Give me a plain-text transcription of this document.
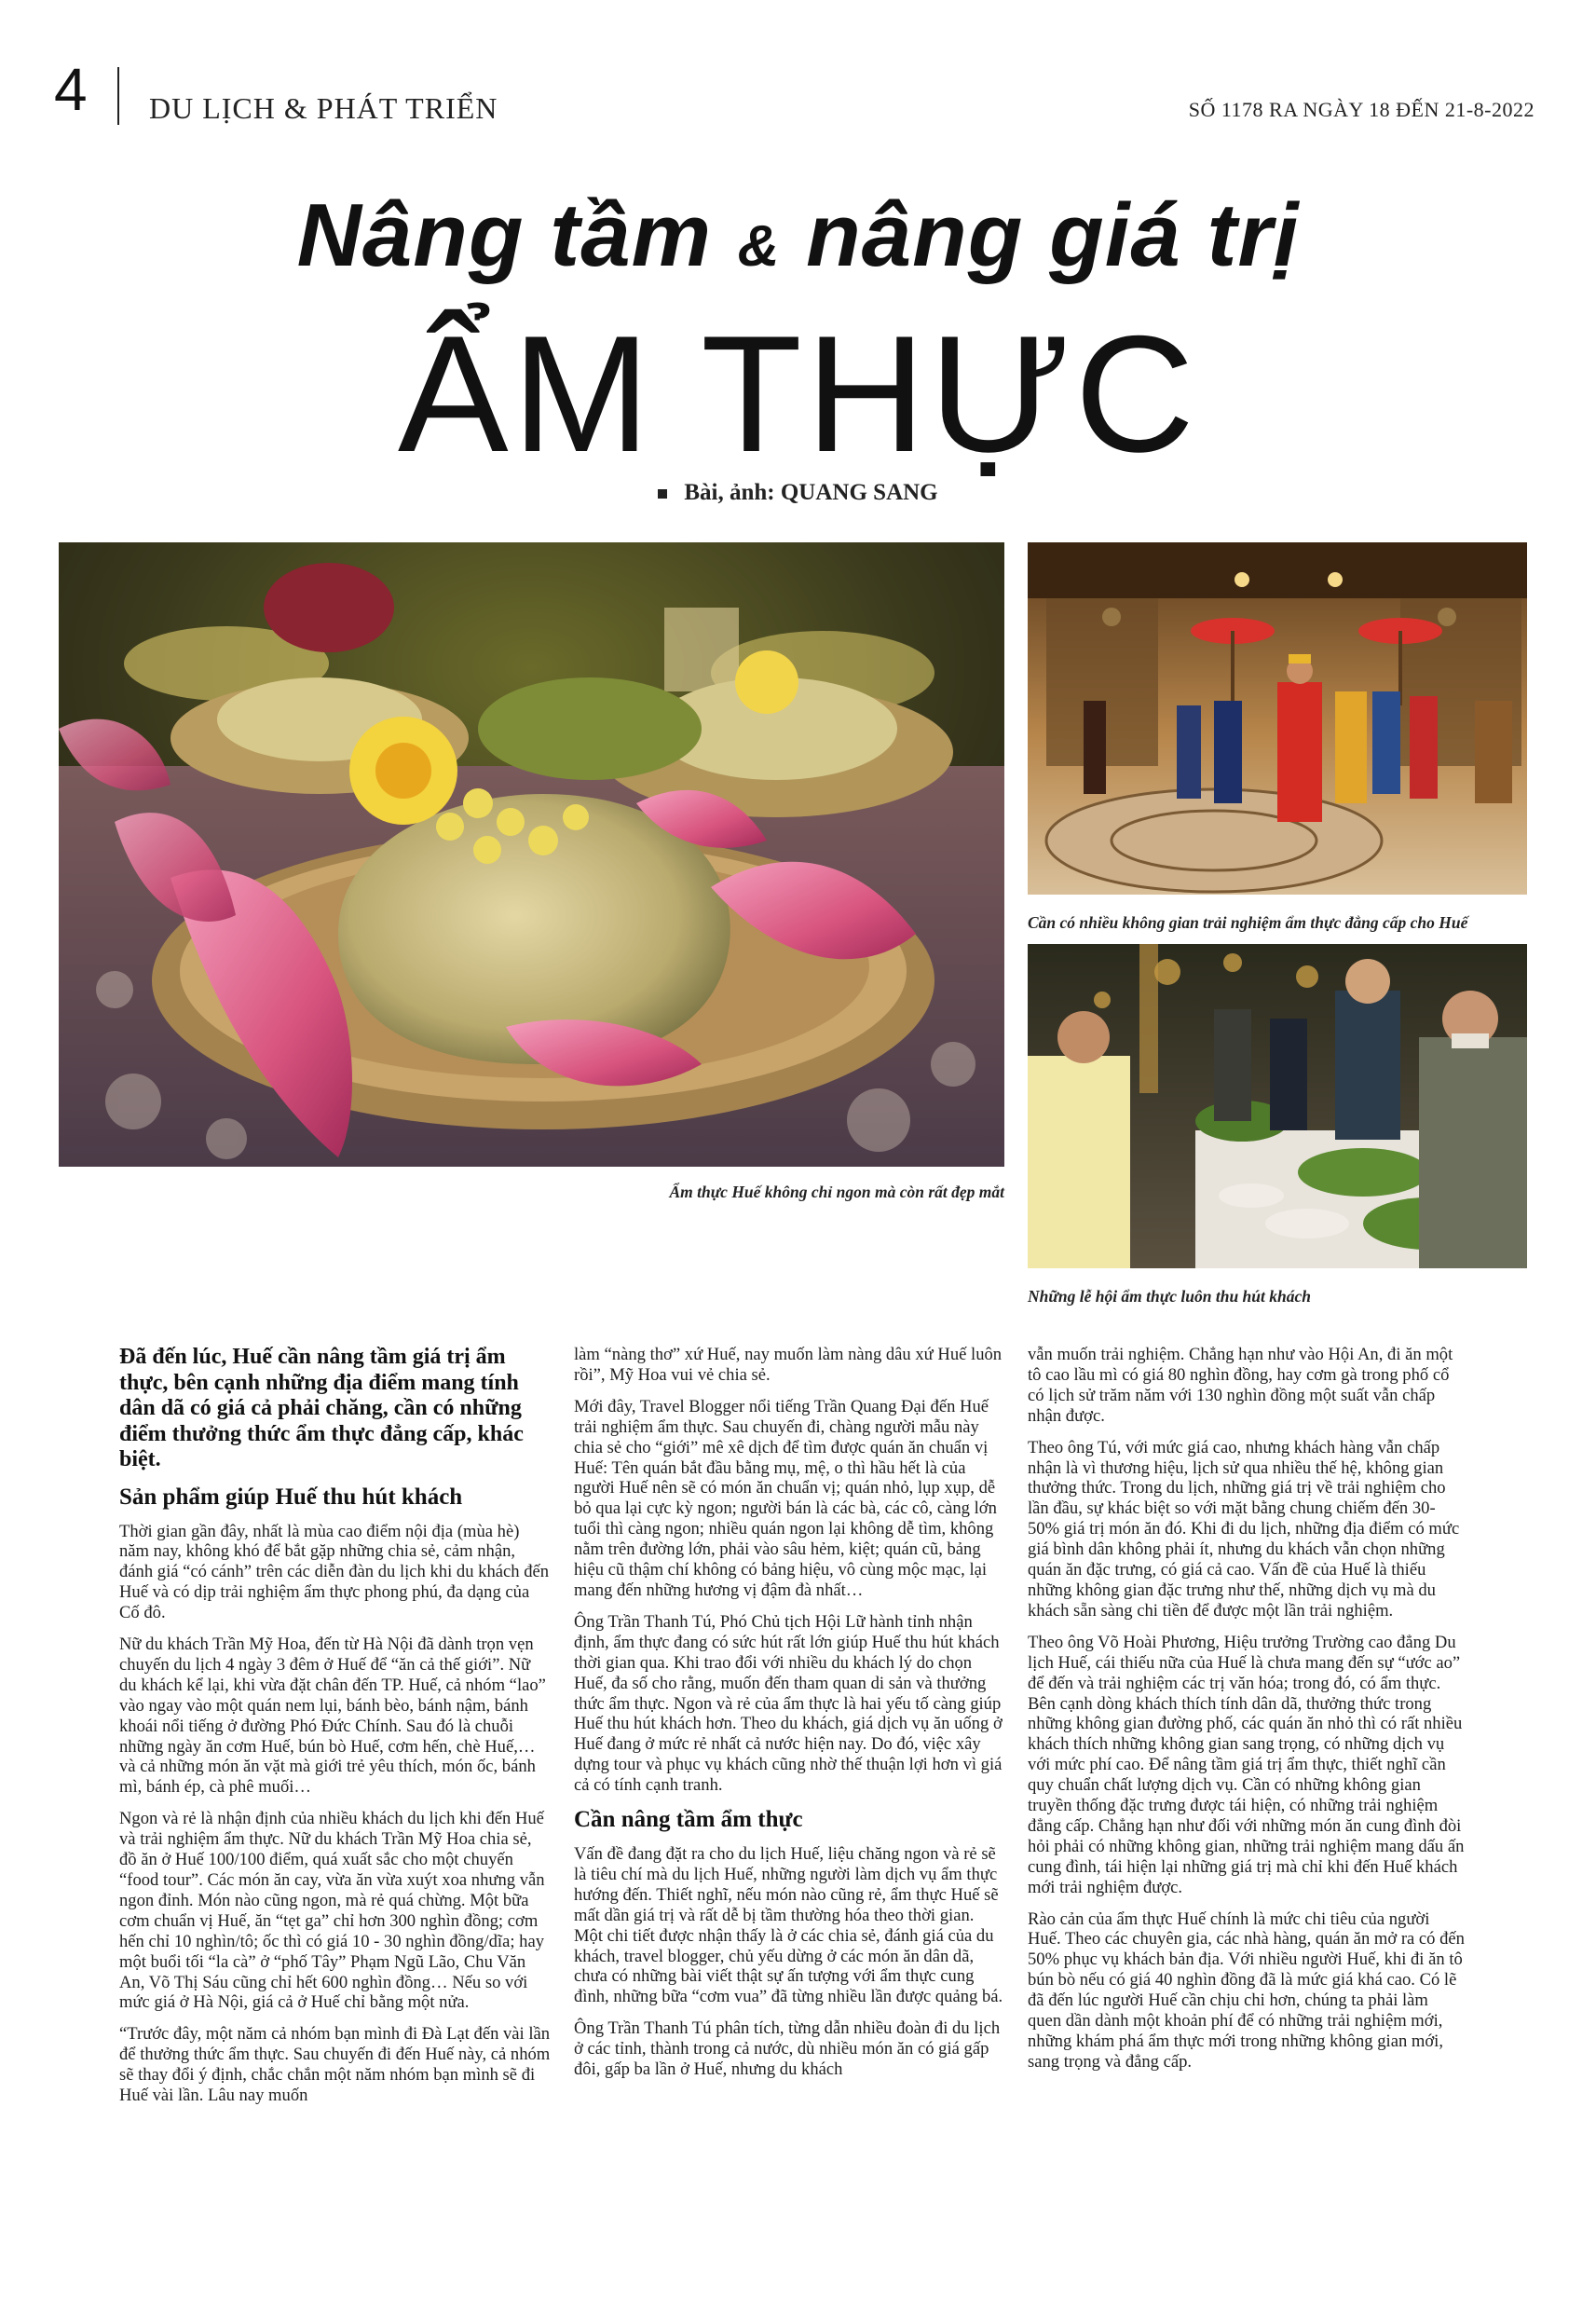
4 DU LỊCH & PHÁT TRIỂN	SỐ 1178 RA NGÀY 18 ĐẾN 21-8-2022
Nâng tầm & nâng giá trị
ẨM THỰC
Bài, ảnh: QUANG SANG
Ẩm thực Huế không chỉ ngon mà còn rất đẹp mắt
Cần có nhiều không gian trải nghiệm ẩm thực đẳng cấp cho Huế
Những lễ hội ẩm thực luôn thu hút khách

Đã đến lúc, Huế cần nâng tầm giá trị ẩm thực, bên cạnh những địa điểm mang tính dân dã có giá cả phải chăng, cần có những điểm thưởng thức ẩm thực đẳng cấp, khác biệt.

Sản phẩm giúp Huế thu hút khách

Thời gian gần đây, nhất là mùa cao điểm nội địa (mùa hè) năm nay, không khó để bắt gặp những chia sẻ, cảm nhận, đánh giá “có cánh” trên các diễn đàn du lịch khi du khách đến Huế và có dịp trải nghiệm ẩm thực phong phú, đa dạng của Cố đô.

Nữ du khách Trần Mỹ Hoa, đến từ Hà Nội đã dành trọn vẹn chuyến du lịch 4 ngày 3 đêm ở Huế để “ăn cả thế giới”. Nữ du khách kể lại, khi vừa đặt chân đến TP. Huế, cả nhóm “lao” vào ngay vào một quán nem lụi, bánh bèo, bánh nậm, bánh khoái nổi tiếng ở đường Phó Đức Chính. Sau đó là chuỗi những ngày ăn cơm Huế, bún bò Huế, cơm hến, chè Huế,… và cả những món ăn vặt mà giới trẻ yêu thích, món ốc, bánh mì, bánh ép, cà phê muối…

Ngon và rẻ là nhận định của nhiều khách du lịch khi đến Huế và trải nghiệm ẩm thực. Nữ du khách Trần Mỹ Hoa chia sẻ, đồ ăn ở Huế 100/100 điểm, quá xuất sắc cho một chuyến “food tour”. Các món ăn cay, vừa ăn vừa xuýt xoa nhưng vẫn ngon đỉnh. Món nào cũng ngon, mà rẻ quá chừng. Một bữa cơm chuẩn vị Huế, ăn “tẹt ga” chỉ hơn 300 nghìn đồng; cơm hến chỉ 10 nghìn/tô; ốc thì có giá 10 - 30 nghìn đồng/dĩa; hay một buổi tối “la cà” ở “phố Tây” Phạm Ngũ Lão, Chu Văn An, Võ Thị Sáu cũng chỉ hết 600 nghìn đồng… Nếu so với mức giá ở Hà Nội, giá cả ở Huế chỉ bằng một nửa.

“Trước đây, một năm cả nhóm bạn mình đi Đà Lạt đến vài lần để thưởng thức ẩm thực. Sau chuyến đi đến Huế này, cả nhóm sẽ thay đổi ý định, chắc chắn một năm nhóm bạn mình sẽ đi Huế vài lần. Lâu nay muốn

làm “nàng thơ” xứ Huế, nay muốn làm nàng dâu xứ Huế luôn rồi”, Mỹ Hoa vui vẻ chia sẻ.

Mới đây, Travel Blogger nổi tiếng Trần Quang Đại đến Huế trải nghiệm ẩm thực. Sau chuyến đi, chàng người mẫu này chia sẻ cho “giới” mê xê dịch để tìm được quán ăn chuẩn vị Huế: Tên quán bắt đầu bằng mụ, mệ, o thì hầu hết là của người Huế nên sẽ có món ăn chuẩn vị; quán nhỏ, lụp xụp, dễ bỏ qua lại cực kỳ ngon; người bán là các bà, các cô, càng lớn tuổi thì càng ngon; nhiều quán ngon lại không dễ tìm, không nằm trên đường lớn, phải vào sâu hẻm, kiệt; quán cũ, bảng hiệu cũ thậm chí không có bảng hiệu, vô cùng mộc mạc, lại mang đến những hương vị đậm đà nhất…

Ông Trần Thanh Tú, Phó Chủ tịch Hội Lữ hành tỉnh nhận định, ẩm thực đang có sức hút rất lớn giúp Huế thu hút khách thời gian qua. Khi trao đổi với nhiều du khách lý do chọn Huế, đa số cho rằng, muốn đến tham quan di sản và thưởng thức ẩm thực. Ngon và rẻ của ẩm thực là hai yếu tố càng giúp Huế thu hút khách hơn. Theo du khách, giá dịch vụ ăn uống ở Huế đang ở mức rẻ nhất cả nước hiện nay. Do đó, việc xây dựng tour và phục vụ khách cũng nhờ thế thuận lợi hơn vì giá cả có tính cạnh tranh.

Cần nâng tầm ẩm thực

Vấn đề đang đặt ra cho du lịch Huế, liệu chăng ngon và rẻ sẽ là tiêu chí mà du lịch Huế, những người làm dịch vụ ẩm thực hướng đến. Thiết nghĩ, nếu món nào cũng rẻ, ẩm thực Huế sẽ mất dần giá trị và rất dễ bị tầm thường hóa theo thời gian. Một chi tiết được nhận thấy là ở các chia sẻ, đánh giá của du khách, travel blogger, chủ yếu dừng ở các món ăn dân dã, chưa có những bài viết thật sự ấn tượng với ẩm thực cung đình, những bữa “cơm vua” đã từng nhiều lần được quảng bá.

Ông Trần Thanh Tú phân tích, từng dẫn nhiều đoàn đi du lịch ở các tỉnh, thành trong cả nước, dù nhiều món ăn có giá gấp đôi, gấp ba lần ở Huế, nhưng du khách

vẫn muốn trải nghiệm. Chẳng hạn như vào Hội An, đi ăn một tô cao lầu mì có giá 80 nghìn đồng, hay cơm gà trong phố cổ có lịch sử trăm năm với 130 nghìn đồng một suất vẫn chấp nhận được.

Theo ông Tú, với mức giá cao, nhưng khách hàng vẫn chấp nhận là vì thương hiệu, lịch sử qua nhiều thế hệ, không gian thưởng thức. Trong du lịch, những giá trị về trải nghiệm cho lần đầu, sự khác biệt so với mặt bằng chung chiếm đến 30-50% giá trị món ăn đó. Khi đi du lịch, những địa điểm có mức giá bình dân không phải ít, nhưng du khách vẫn chọn những quán ăn đặc trưng, có giá cả cao. Vấn đề của Huế là thiếu những không gian đặc trưng như thế, những dịch vụ mà du khách sẵn sàng chi tiền để được một lần trải nghiệm.

Theo ông Võ Hoài Phương, Hiệu trưởng Trường cao đẳng Du lịch Huế, cái thiếu nữa của Huế là chưa mang đến sự “ước ao” để đến và trải nghiệm các trị văn hóa; trong đó, có ẩm thực. Bên cạnh dòng khách thích tính dân dã, thưởng thức trong những không gian đường phố, các quán ăn nhỏ thì có rất nhiều khách thích những không gian sang trọng, có những dịch vụ với mức phí cao. Để nâng tầm giá trị ẩm thực, thiết nghĩ cần quy chuẩn chất lượng dịch vụ. Cần có những không gian truyền thống đặc trưng được tái hiện, có những trải nghiệm đẳng cấp. Chẳng hạn như đối với những món ăn cung đình đòi hỏi phải có những không gian, những trải nghiệm mang dấu ấn cung đình, tái hiện lại những giá trị mà chỉ khi đến Huế khách mới trải nghiệm được.

Rào cản của ẩm thực Huế chính là mức chi tiêu của người Huế. Theo các chuyên gia, các nhà hàng, quán ăn mở ra có đến 50% phục vụ khách bản địa. Với nhiều người Huế, khi đi ăn tô bún bò nếu có giá 40 nghìn đồng đã là mức giá khá cao. Có lẽ đã đến lúc người Huế cần chịu chi hơn, chúng ta phải làm quen dần dành một khoản phí để có những trải nghiệm mới, những khám phá ẩm thực mới trong những không gian mới, sang trọng và đẳng cấp.
